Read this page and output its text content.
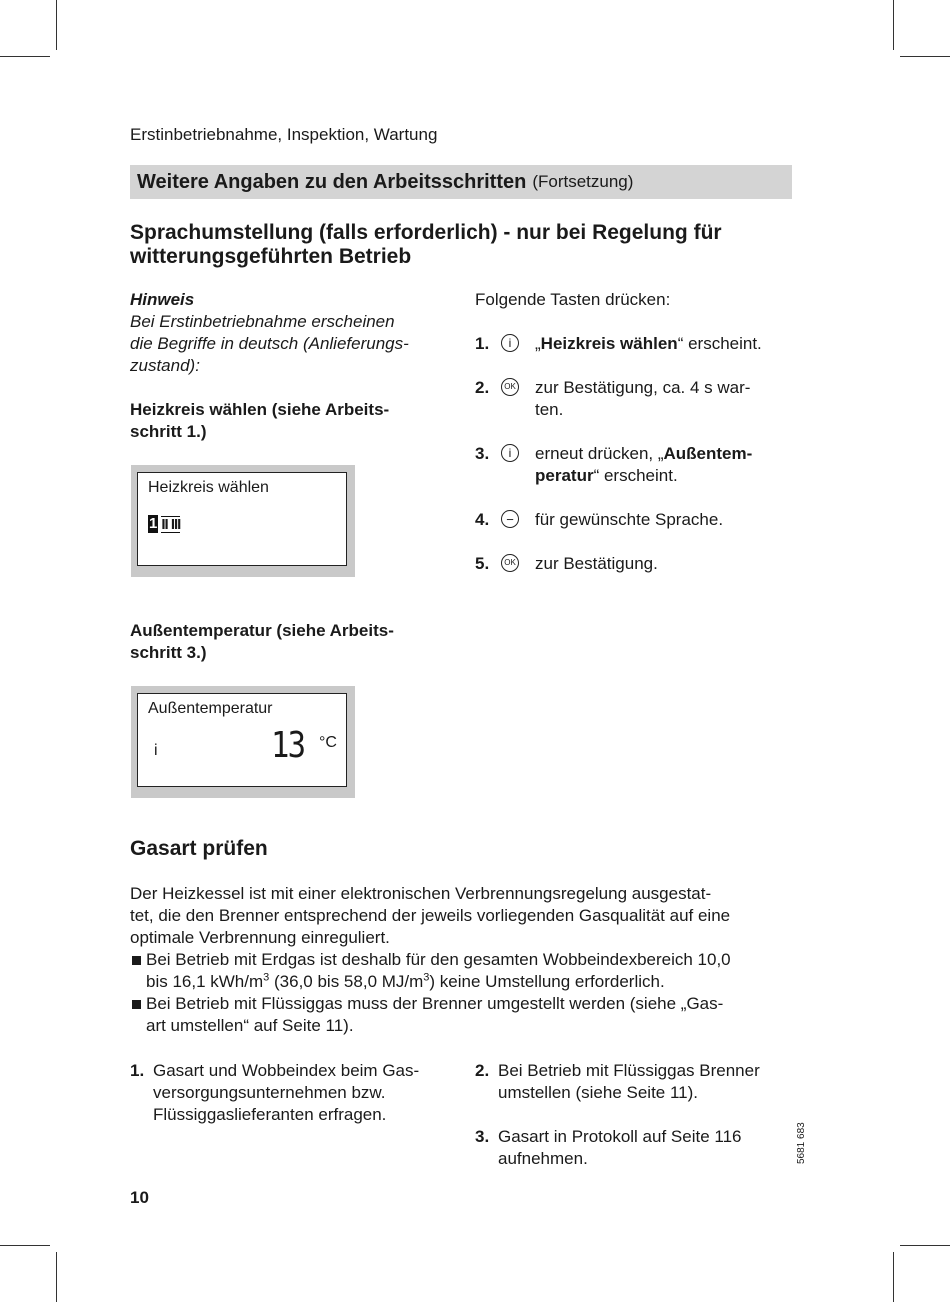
Erstinbetriebnahme, Inspektion, Wartung
Weitere Angaben zu den Arbeitsschritten (Fortsetzung)
Sprachumstellung (falls erforderlich) - nur bei Regelung für
witterungsgeführten Betrieb
Hinweis
Bei Erstinbetriebnahme erscheinen
die Begriffe in deutsch (Anlieferungs-
zustand):
Heizkreis wählen (siehe Arbeits-
schritt 1.)
Heizkreis wählen
1 II III
Außentemperatur (siehe Arbeits-
schritt 3.)
Außentemperatur
i	13 °C
Folgende Tasten drücken:
1.	i	„Heizkreis wählen“ erscheint.
2.	OK zur Bestätigung, ca. 4 s war-
ten.
3.	i	erneut drücken, „Außentem-
peratur“ erscheint.
4.	−	für gewünschte Sprache.
5.	OK zur Bestätigung.
Gasart prüfen
Der Heizkessel ist mit einer elektronischen Verbrennungsregelung ausgestat-
tet, die den Brenner entsprechend der jeweils vorliegenden Gasqualität auf eine
optimale Verbrennung einreguliert.
Bei Betrieb mit Erdgas ist deshalb für den gesamten Wobbeindexbereich 10,0
bis 16,1 kWh/$m^3$ (36,0 bis 58,0 $MJ/m^3$) keine Umstellung erforderlich.
Bei Betrieb mit Flüssiggas muss der Brenner umgestellt werden (siehe „Gas-
art umstellen“ auf Seite 11).
1. Gasart und Wobbeindex beim Gas-
versorgungsunternehmen bzw.
Flüssiggaslieferanten erfragen.
2. Bei Betrieb mit Flüssiggas Brenner
umstellen (siehe Seite 11).
3. Gasart in Protokoll auf Seite 116
aufnehmen.	5681 683
10
